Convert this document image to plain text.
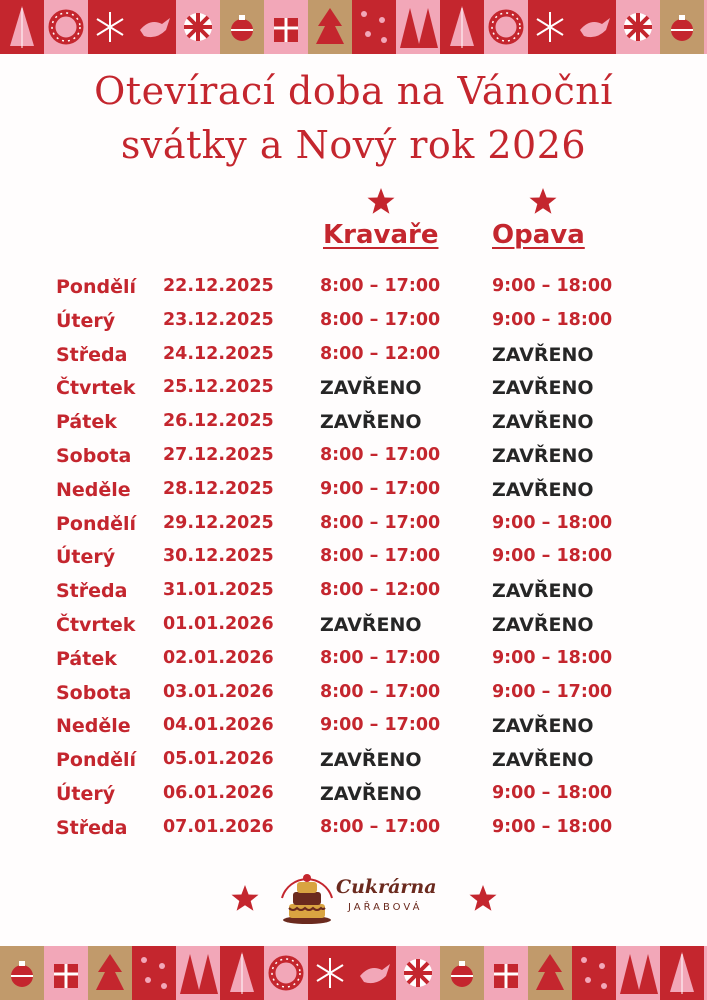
Otevírací doba na Vánoční
svátky a Nový rok 2026
Kravaře Opava
Pondělí 22.12.2025	8:00 – 17:00	9:00 – 18:00
Úterý	23.12.2025	8:00 – 17:00	9:00 – 18:00
Středa 24.12.2025	8:00 – 12:00	ZAVŘENO
Čtvrtek 25.12.2025 ZAVŘENO	ZAVŘENO
Pátek	26.12.2025 ZAVŘENO	ZAVŘENO
Sobota 27.12.2025	8:00 – 17:00	ZAVŘENO
Neděle 28.12.2025	9:00 – 17:00	ZAVŘENO
Pondělí 29.12.2025	8:00 – 17:00	9:00 – 18:00
Úterý	30.12.2025	8:00 – 17:00	9:00 – 18:00
Středa 31.01.2025	8:00 – 12:00	ZAVŘENO
Čtvrtek 01.01.2026 ZAVŘENO	ZAVŘENO
Pátek	02.01.2026	8:00 – 17:00	9:00 – 18:00
Sobota 03.01.2026	8:00 – 17:00	9:00 – 17:00
Neděle 04.01.2026	9:00 – 17:00	ZAVŘENO
Pondělí 05.01.2026 ZAVŘENO	ZAVŘENO
Úterý	06.01.2026 ZAVŘENO	9:00 – 18:00
Středa 07.01.2026	8:00 – 17:00	9:00 – 18:00
Cukrárna
JAŘABOVÁ
